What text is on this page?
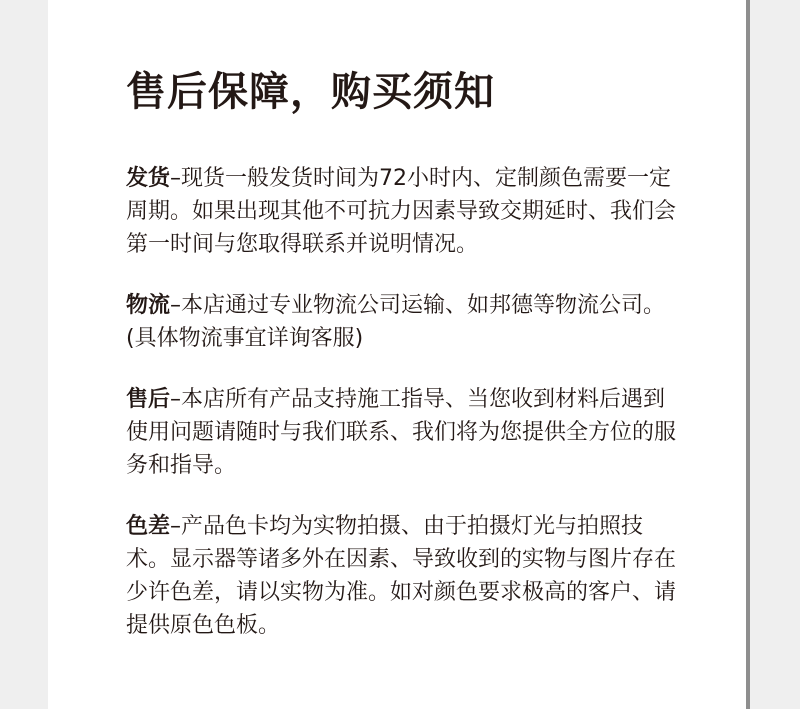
售后保障，购买须知

发货–现货一般发货时间为72小时内、定制颜色需要一定周期。如果出现其他不可抗力因素导致交期延时、我们会第一时间与您取得联系并说明情况。

物流–本店通过专业物流公司运输、如邦德等物流公司。(具体物流事宜详询客服)

售后–本店所有产品支持施工指导、当您收到材料后遇到使用问题请随时与我们联系、我们将为您提供全方位的服务和指导。

色差–产品色卡均为实物拍摄、由于拍摄灯光与拍照技术。显示器等诸多外在因素、导致收到的实物与图片存在少许色差，请以实物为准。如对颜色要求极高的客户、请提供原色色板。
